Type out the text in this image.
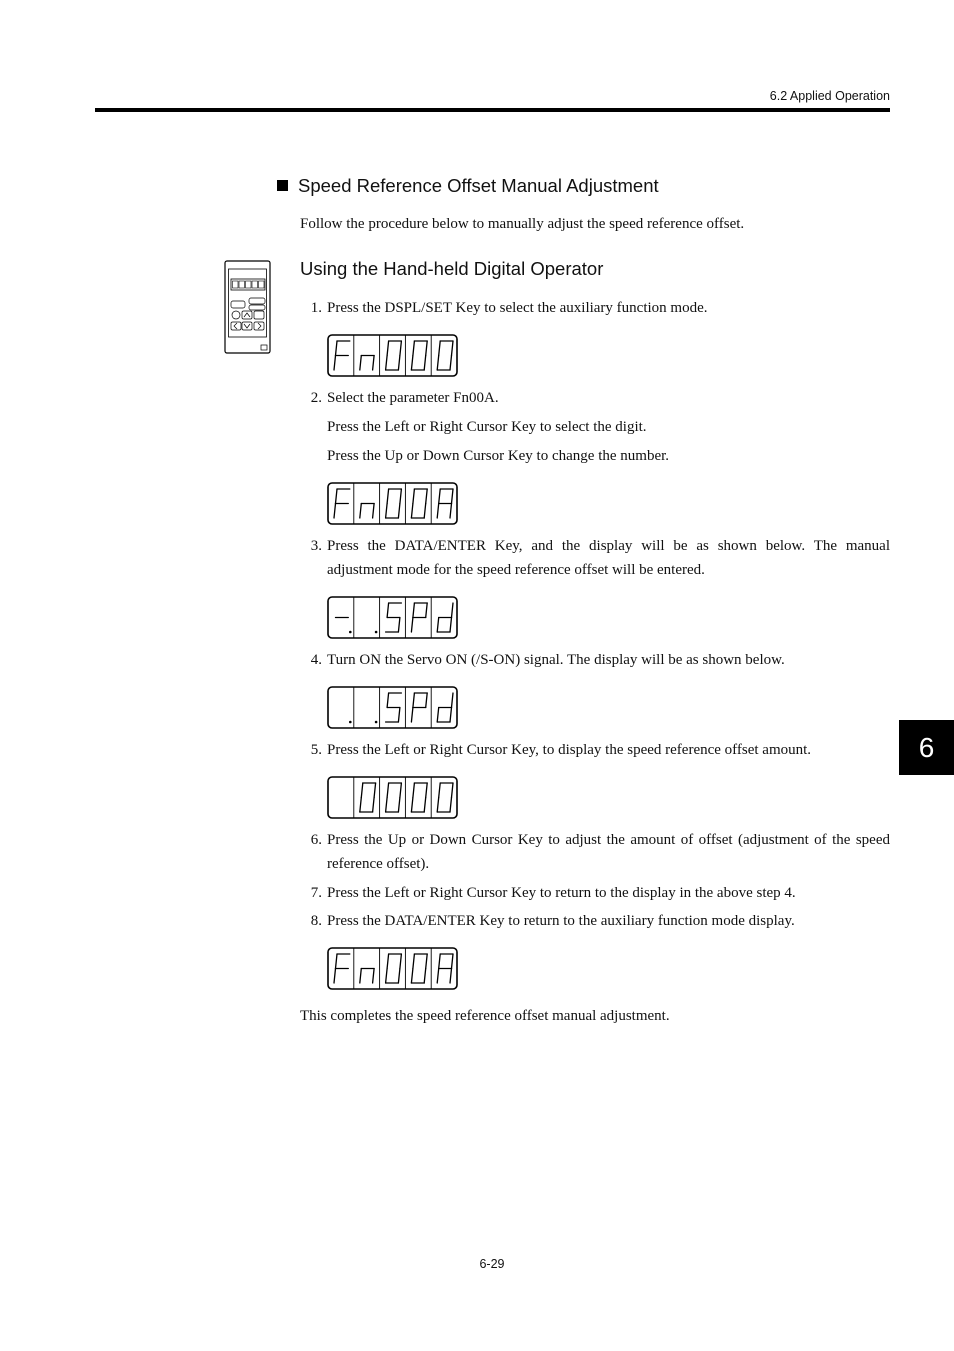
6.2 Applied Operation
Speed Reference Offset Manual Adjustment
Follow the procedure below to manually adjust the speed reference offset.
Using the Hand-held Digital Operator
1. Press the DSPL/SET Key to select the auxiliary function mode.
2. Select the parameter Fn00A.
Press the Left or Right Cursor Key to select the digit.
Press the Up or Down Cursor Key to change the number.
3. Press the DATA/ENTER Key, and the display will be as shown below. The manual adjustment mode for the speed reference offset will be entered.
4. Turn ON the Servo ON (/S-ON) signal. The display will be as shown below.
5. Press the Left or Right Cursor Key, to display the speed reference offset amount.
6. Press the Up or Down Cursor Key to adjust the amount of offset (adjustment of the speed reference offset).
7. Press the Left or Right Cursor Key to return to the display in the above step 4.
8. Press the DATA/ENTER Key to return to the auxiliary function mode display.
This completes the speed reference offset manual adjustment.
6
6-29
